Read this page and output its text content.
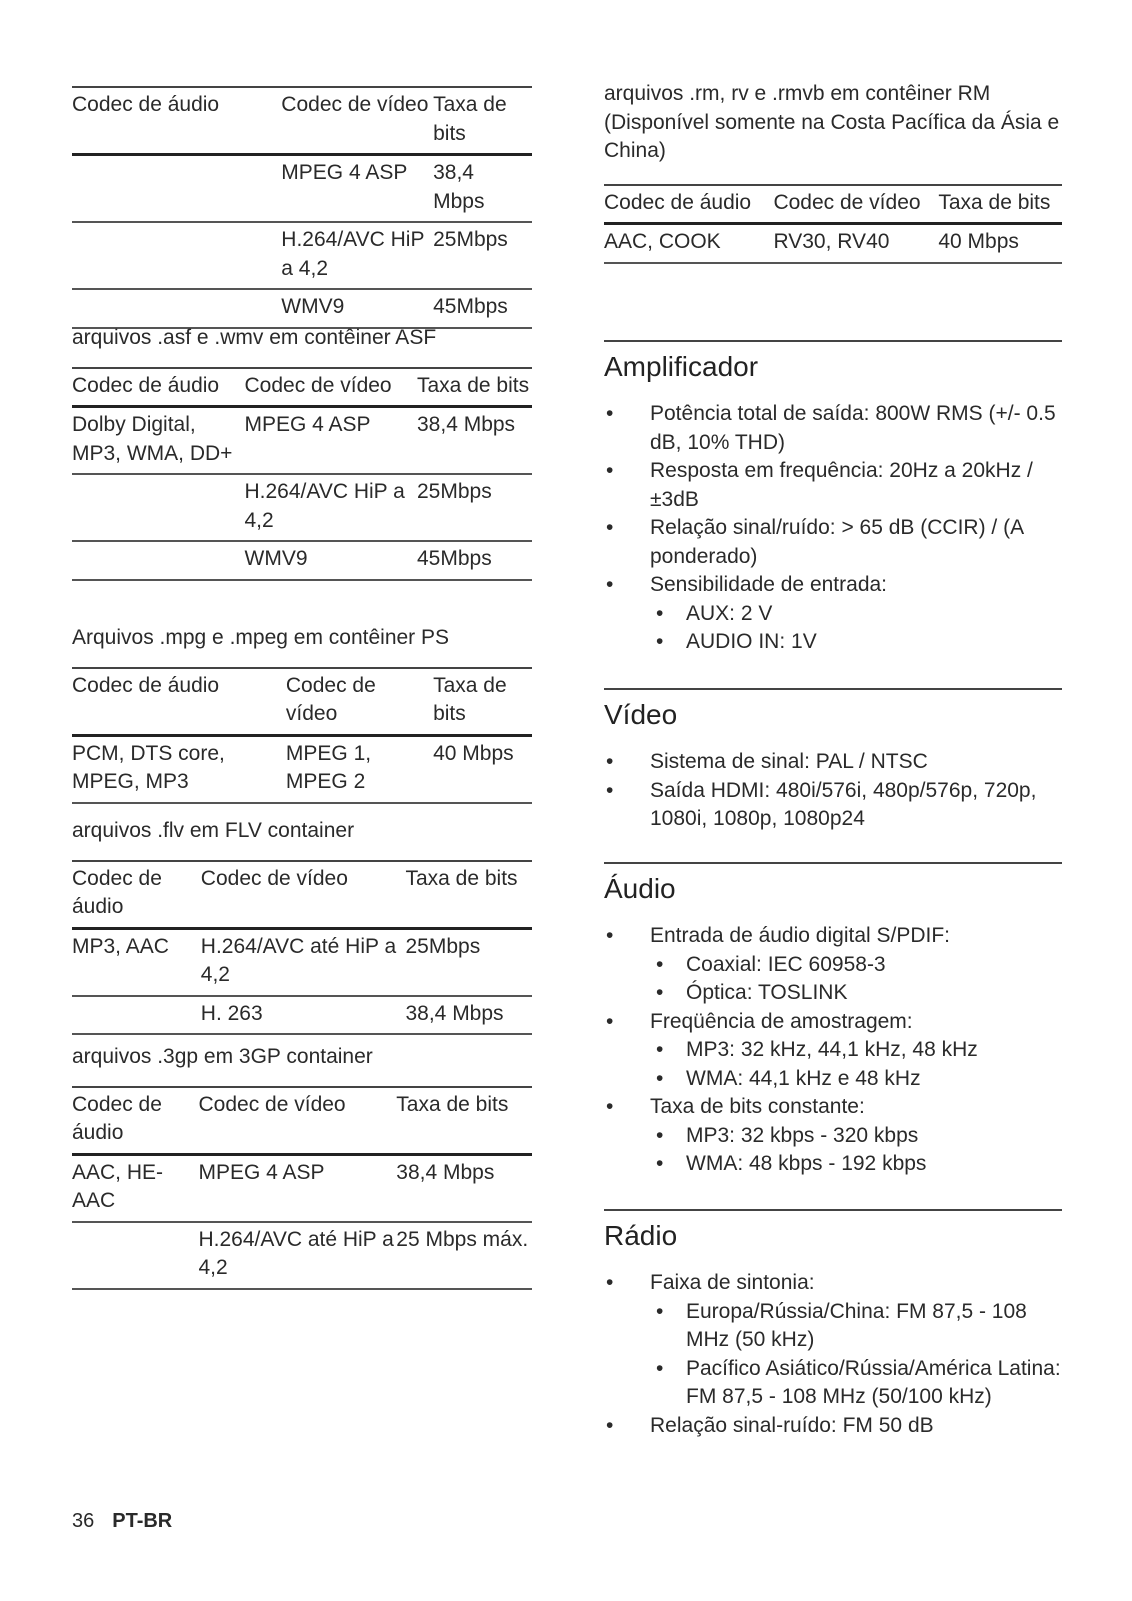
Codec de áudio	Codec de vídeo	Taxa de bits
	MPEG 4 ASP	38,4 Mbps
	H.264/AVC HiP a 4,2	25Mbps
	WMV9	45Mbps

arquivos .asf e .wmv em contêiner ASF

Codec de áudio	Codec de vídeo	Taxa de bits
Dolby Digital, MP3, WMA, DD+	MPEG 4 ASP	38,4 Mbps
	H.264/AVC HiP a 4,2	25Mbps
	WMV9	45Mbps

Arquivos .mpg e .mpeg em contêiner PS

Codec de áudio	Codec de vídeo	Taxa de bits
PCM, DTS core, MPEG, MP3	MPEG 1, MPEG 2	40 Mbps

arquivos .flv em FLV container

Codec de áudio	Codec de vídeo	Taxa de bits
MP3, AAC	H.264/AVC até HiP a 4,2	25Mbps
	H. 263	38,4 Mbps

arquivos .3gp em 3GP container

Codec de áudio	Codec de vídeo	Taxa de bits
AAC, HE-AAC	MPEG 4 ASP	38,4 Mbps
	H.264/AVC até HiP a 4,2	25 Mbps máx.

arquivos .rm, rv e .rmvb em contêiner RM (Disponível somente na Costa Pacífica da Ásia e China)

Codec de áudio	Codec de vídeo	Taxa de bits
AAC, COOK	RV30, RV40	40 Mbps
Amplificador
• Potência total de saída: 800W RMS (+/- 0.5 dB, 10% THD)
• Resposta em frequência: 20Hz a 20kHz / ±3dB
• Relação sinal/ruído: > 65 dB (CCIR) / (A ponderado)
• Sensibilidade de entrada:
• AUX: 2 V
• AUDIO IN: 1V
Vídeo
• Sistema de sinal: PAL / NTSC
• Saída HDMI: 480i/576i, 480p/576p, 720p, 1080i, 1080p, 1080p24
Áudio
• Entrada de áudio digital S/PDIF:
• Coaxial: IEC 60958-3
• Óptica: TOSLINK
• Freqüência de amostragem:
• MP3: 32 kHz, 44,1 kHz, 48 kHz
• WMA: 44,1 kHz e 48 kHz
• Taxa de bits constante:
• MP3: 32 kbps - 320 kbps
• WMA: 48 kbps - 192 kbps
Rádio
• Faixa de sintonia:
• Europa/Rússia/China: FM 87,5 - 108 MHz (50 kHz)
• Pacífico Asiático/Rússia/América Latina: FM 87,5 - 108 MHz (50/100 kHz)
• Relação sinal-ruído: FM 50 dB
36 PT-BR
